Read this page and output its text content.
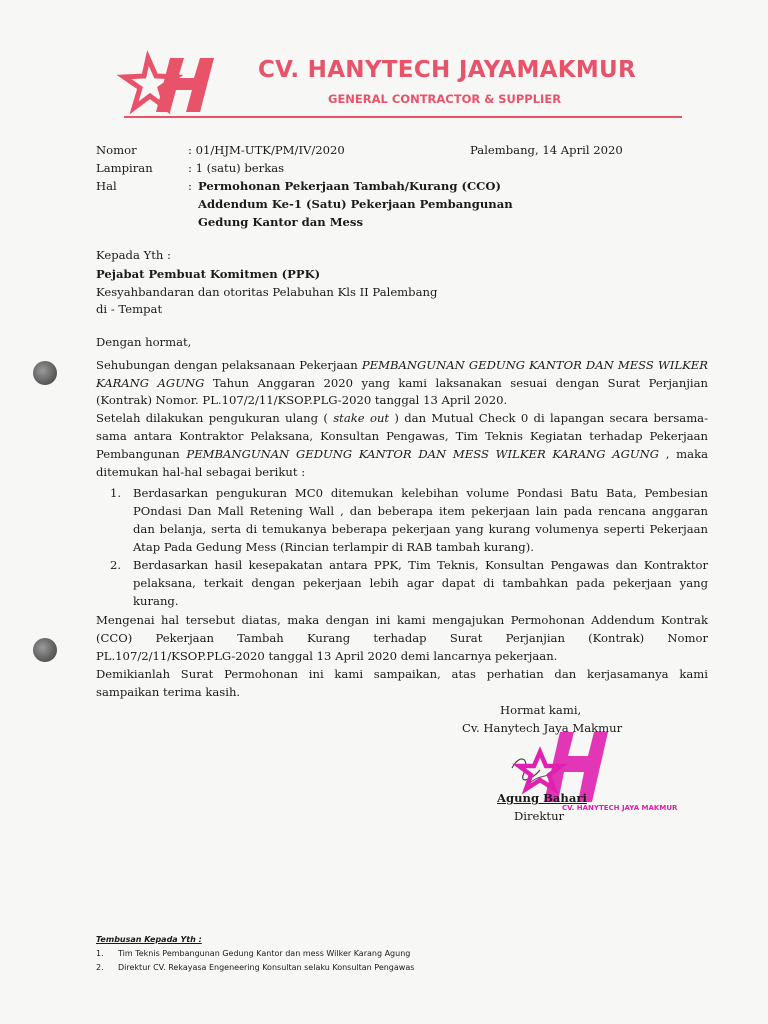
CV. HANYTECH JAYAMAKMUR
GENERAL CONTRACTOR & SUPPLIER
Nomor	: 01/HJM-UTK/PM/IV/2020	Palembang, 14 April 2020
Lampiran	: 1 (satu) berkas
Hal	: Permohonan Pekerjaan Tambah/Kurang (CCO)
Addendum Ke-1 (Satu) Pekerjaan Pembangunan
Gedung Kantor dan Mess
Kepada Yth :
Pejabat Pembuat Komitmen (PPK)
Kesyahbandaran dan otoritas Pelabuhan Kls II Palembang
di - Tempat
Dengan hormat,
Sehubungan dengan pelaksanaan Pekerjaan PEMBANGUNAN GEDUNG KANTOR DAN MESS WILKER
KARANG AGUNG Tahun Anggaran 2020 yang kami laksanakan sesuai dengan Surat Perjanjian
(Kontrak) Nomor. PL.107/2/11/KSOP.PLG-2020 tanggal 13 April 2020.
Setelah dilakukan pengukuran ulang ( stake out ) dan Mutual Check 0 di lapangan secara bersama-
sama antara Kontraktor Pelaksana, Konsultan Pengawas, Tim Teknis Kegiatan terhadap Pekerjaan
Pembangunan PEMBANGUNAN GEDUNG KANTOR DAN MESS WILKER KARANG AGUNG , maka
ditemukan hal-hal sebagai berikut :
1. Berdasarkan pengukuran MC0 ditemukan kelebihan volume Pondasi Batu Bata, Pembesian
POndasi Dan Mall Retening Wall , dan beberapa item pekerjaan lain pada rencana anggaran
dan belanja, serta di temukanya beberapa pekerjaan yang kurang volumenya seperti Pekerjaan
Atap Pada Gedung Mess (Rincian terlampir di RAB tambah kurang).
2. Berdasarkan hasil kesepakatan antara PPK, Tim Teknis, Konsultan Pengawas dan Kontraktor
pelaksana, terkait dengan pekerjaan lebih agar dapat di tambahkan pada pekerjaan yang
kurang.
Mengenai hal tersebut diatas, maka dengan ini kami mengajukan Permohonan Addendum Kontrak
(CCO) Pekerjaan Tambah Kurang terhadap Surat Perjanjian (Kontrak) Nomor
PL.107/2/11/KSOP.PLG-2020 tanggal 13 April 2020 demi lancarnya pekerjaan.
Demikianlah Surat Permohonan ini kami sampaikan, atas perhatian dan kerjasamanya kami
sampaikan terima kasih.
Hormat kami,
Cv. Hanytech Jaya Makmur
CV. HANYTECH JAYA MAKMUR
Agung Bahari
Direktur
Tembusan Kepada Yth :
1. Tim Teknis Pembangunan Gedung Kantor dan mess Wilker Karang Agung
2. Direktur CV. Rekayasa Engeneering Konsultan selaku Konsultan Pengawas
